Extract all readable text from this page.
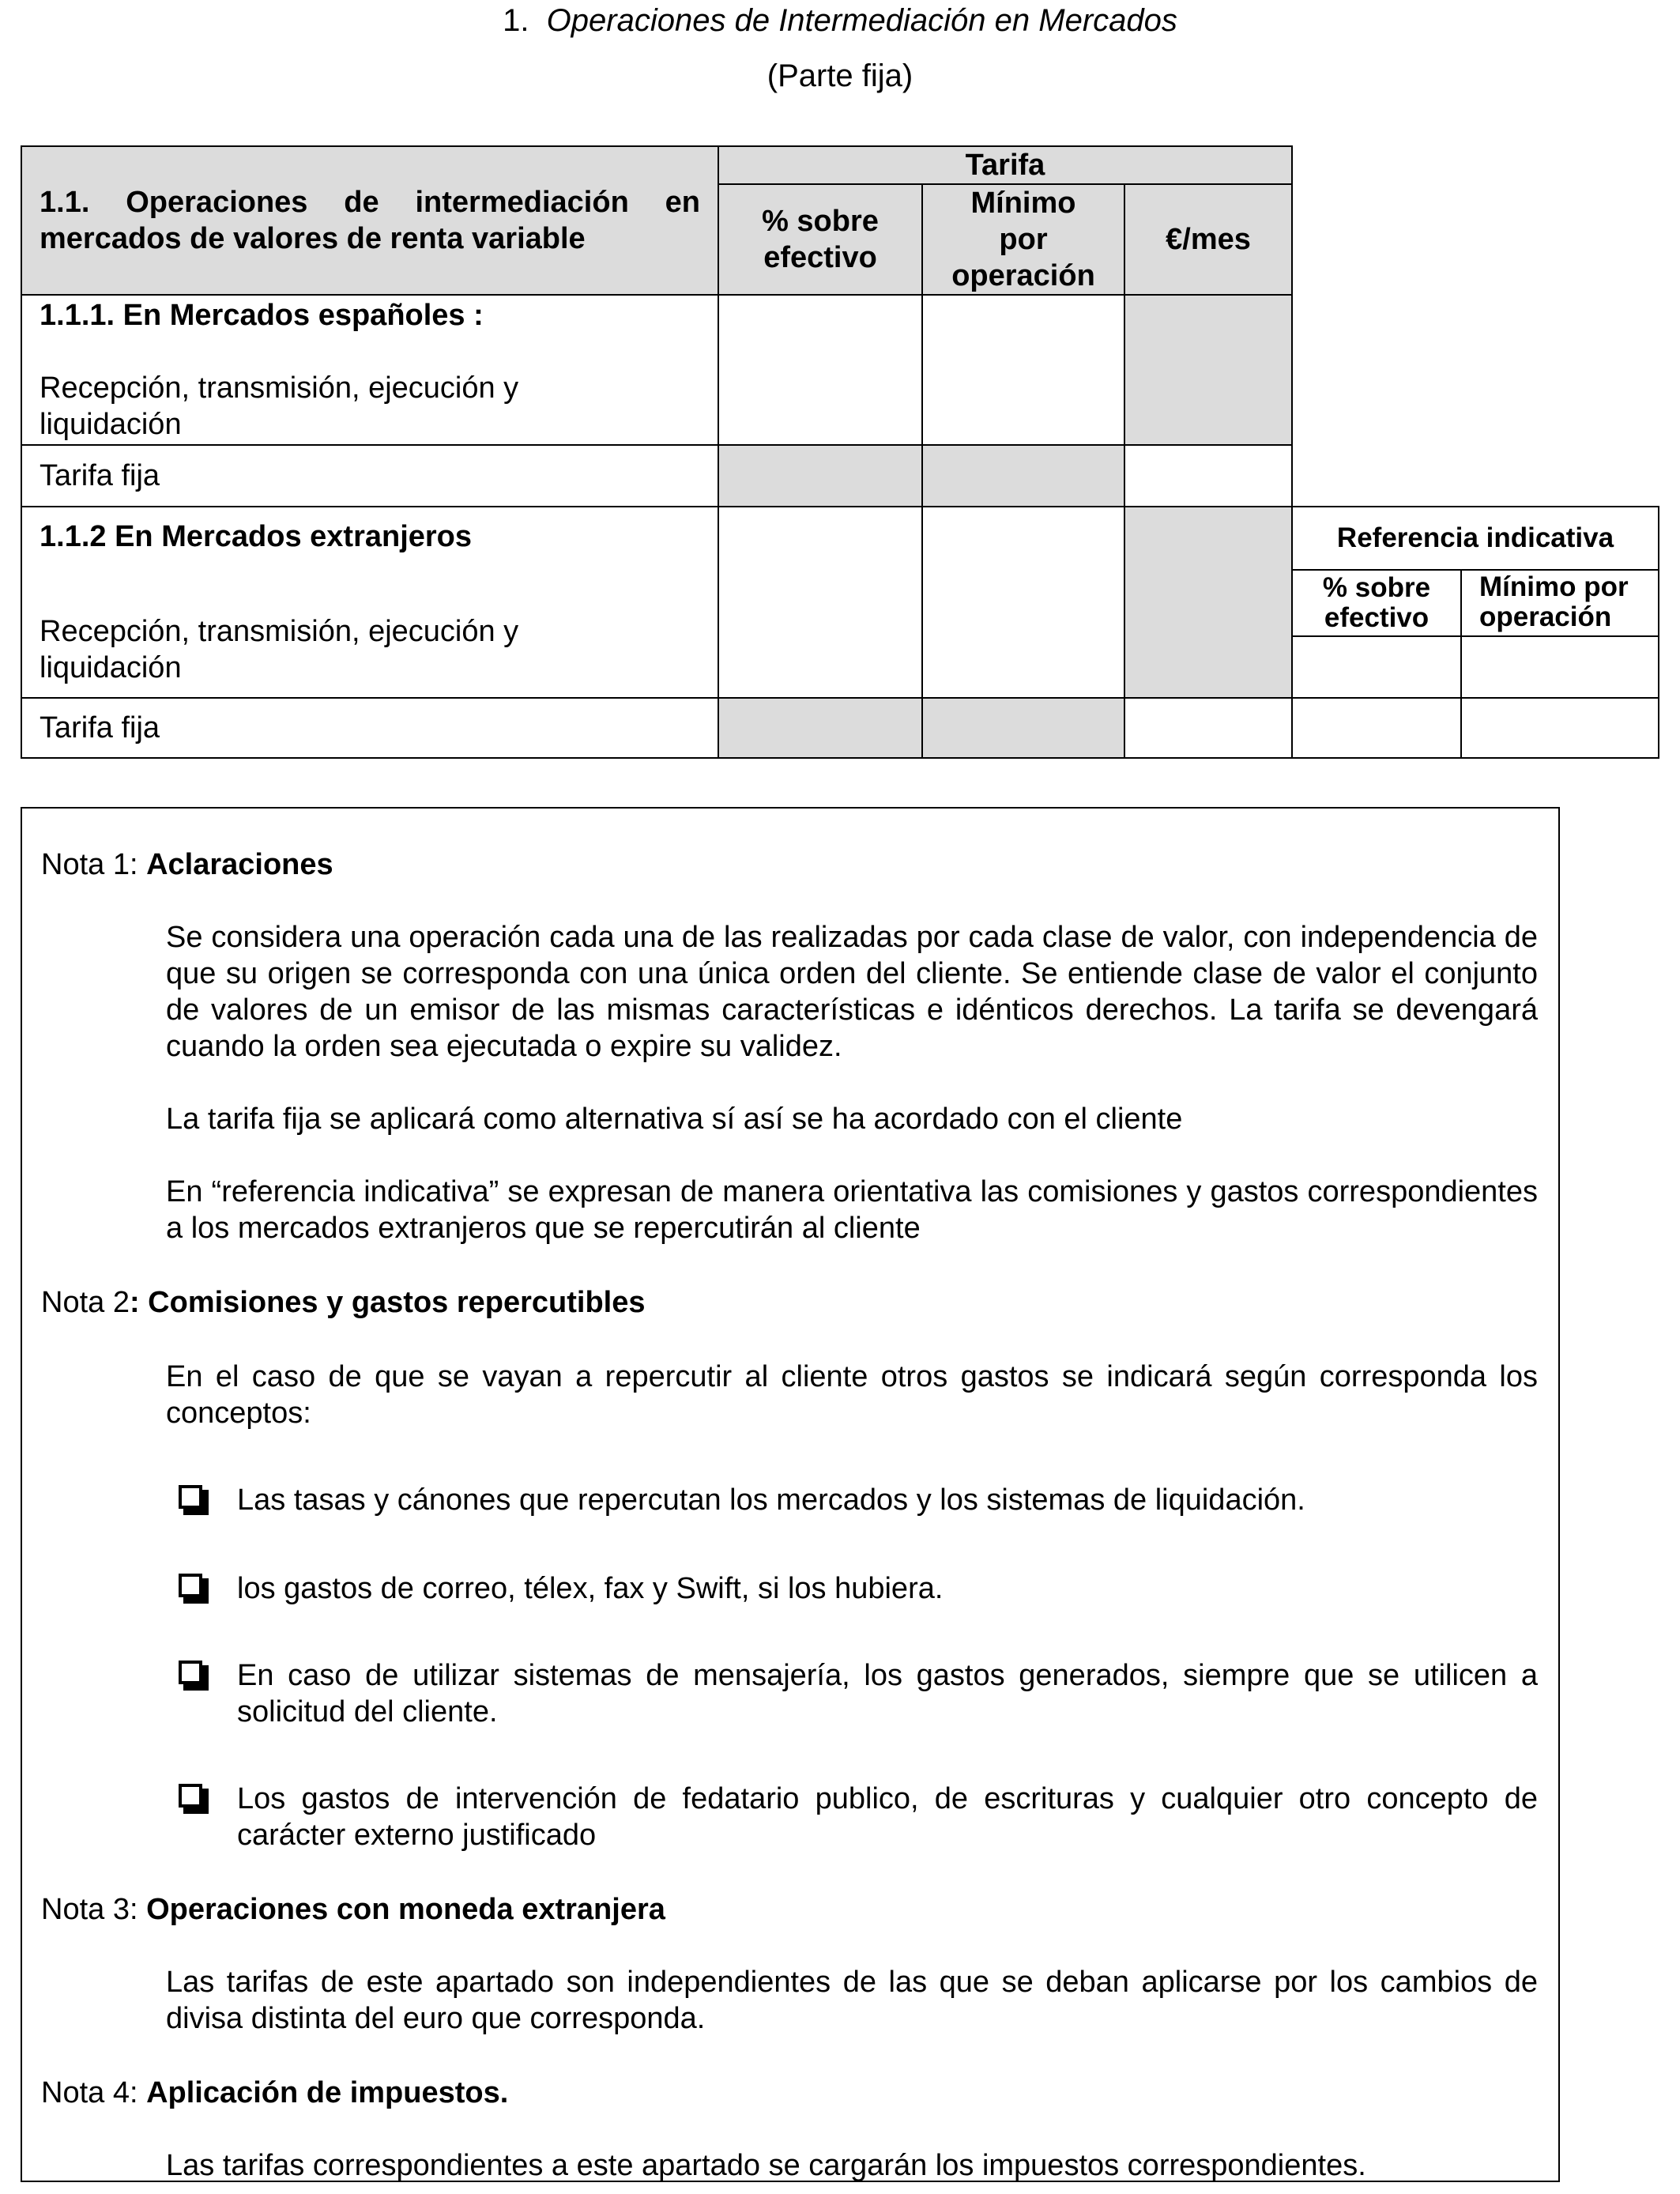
1. Operaciones de Intermediación en Mercados
(Parte fija)
1.1. Operaciones de intermediación en mercados de valores de renta variable
Tarifa
% sobre efectivo
Mínimo por operación
€/mes
1.1.1. En Mercados españoles :
Recepción, transmisión, ejecución y liquidación
Tarifa fija
1.1.2 En Mercados extranjeros
Recepción, transmisión, ejecución y liquidación
Referencia indicativa
% sobre efectivo
Mínimo por operación
Tarifa fija
Nota 1: Aclaraciones
Se considera una operación cada una de las realizadas por cada clase de valor, con independencia de que su origen se corresponda con una única orden del cliente. Se entiende clase de valor el conjunto de valores de un emisor de las mismas características e idénticos derechos. La tarifa se devengará cuando la orden sea ejecutada o expire su validez.
La tarifa fija se aplicará como alternativa sí así se ha acordado con el cliente
En “referencia indicativa” se expresan de manera orientativa las comisiones y gastos correspondientes a los mercados extranjeros que se repercutirán al cliente
Nota 2: Comisiones y gastos repercutibles
En el caso de que se vayan a repercutir al cliente otros gastos se indicará según corresponda los conceptos:
Las tasas y cánones que repercutan los mercados y los sistemas de liquidación.
los gastos de correo, télex, fax y Swift, si los hubiera.
En caso de utilizar sistemas de mensajería, los gastos generados, siempre que se utilicen a solicitud del cliente.
Los gastos de intervención de fedatario publico, de escrituras y cualquier otro concepto de carácter externo justificado
Nota 3: Operaciones con moneda extranjera
Las tarifas de este apartado son independientes de las que se deban aplicarse por los cambios de divisa distinta del euro que corresponda.
Nota 4: Aplicación de impuestos.
Las tarifas correspondientes a este apartado se cargarán los impuestos correspondientes.
